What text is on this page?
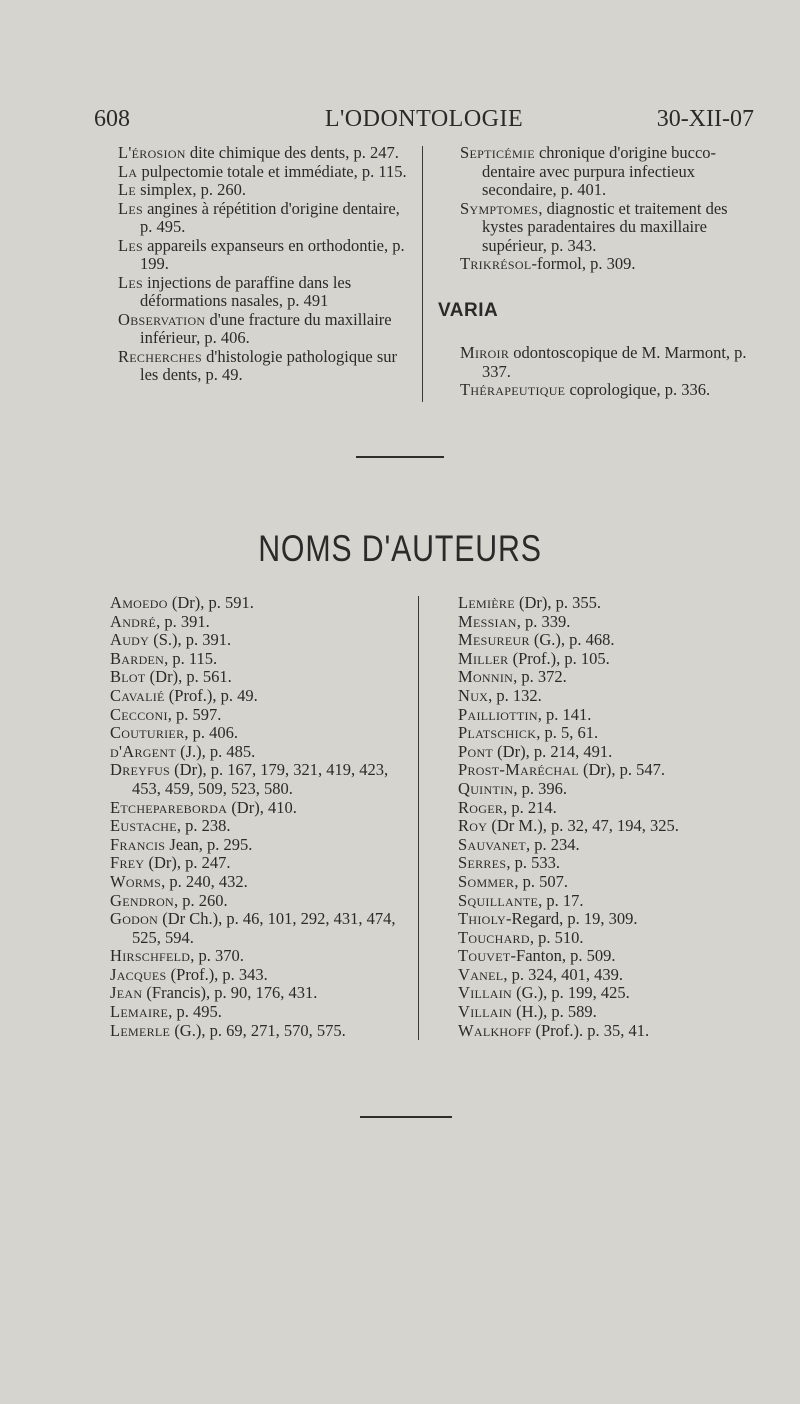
608	L'ODONTOLOGIE	30-XII-07

L'érosion dite chimique des dents, p. 247.

La pulpectomie totale et immédiate, p. 115.

Le simplex, p. 260.

Les angines à répétition d'origine dentaire, p. 495.

Les appareils expanseurs en orthodontie, p. 199.

Les injections de paraffine dans les déformations nasales, p. 491

Observation d'une fracture du maxillaire inférieur, p. 406.

Recherches d'histologie pathologique sur les dents, p. 49.

Septicémie chronique d'origine bucco-dentaire avec purpura infectieux secondaire, p. 401.

Symptomes, diagnostic et traitement des kystes paradentaires du maxillaire supérieur, p. 343.

Trikrésol-formol, p. 309.

VARIA

Miroir odontoscopique de M. Marmont, p. 337.

Thérapeutique coprologique, p. 336.

NOMS D'AUTEURS

Amoedo (Dr), p. 591.

André, p. 391.

Audy (S.), p. 391.

Barden, p. 115.

Blot (Dr), p. 561.

Cavalié (Prof.), p. 49.

Cecconi, p. 597.

Couturier, p. 406.

d'Argent (J.), p. 485.

Dreyfus (Dr), p. 167, 179, 321, 419, 423, 453, 459, 509, 523, 580.

Etchepareborda (Dr), 410.

Eustache, p. 238.

Francis Jean, p. 295.

Frey (Dr), p. 247.

Worms, p. 240, 432.

Gendron, p. 260.

Godon (Dr Ch.), p. 46, 101, 292, 431, 474, 525, 594.

Hirschfeld, p. 370.

Jacques (Prof.), p. 343.

Jean (Francis), p. 90, 176, 431.

Lemaire, p. 495.

Lemerle (G.), p. 69, 271, 570, 575.

Lemière (Dr), p. 355.

Messian, p. 339.

Mesureur (G.), p. 468.

Miller (Prof.), p. 105.

Monnin, p. 372.

Nux, p. 132.

Pailliottin, p. 141.

Platschick, p. 5, 61.

Pont (Dr), p. 214, 491.

Prost-Maréchal (Dr), p. 547.

Quintin, p. 396.

Roger, p. 214.

Roy (Dr M.), p. 32, 47, 194, 325.

Sauvanet, p. 234.

Serres, p. 533.

Sommer, p. 507.

Squillante, p. 17.

Thioly-Regard, p. 19, 309.

Touchard, p. 510.

Touvet-Fanton, p. 509.

Vanel, p. 324, 401, 439.

Villain (G.), p. 199, 425.

Villain (H.), p. 589.

Walkhoff (Prof.). p. 35, 41.
